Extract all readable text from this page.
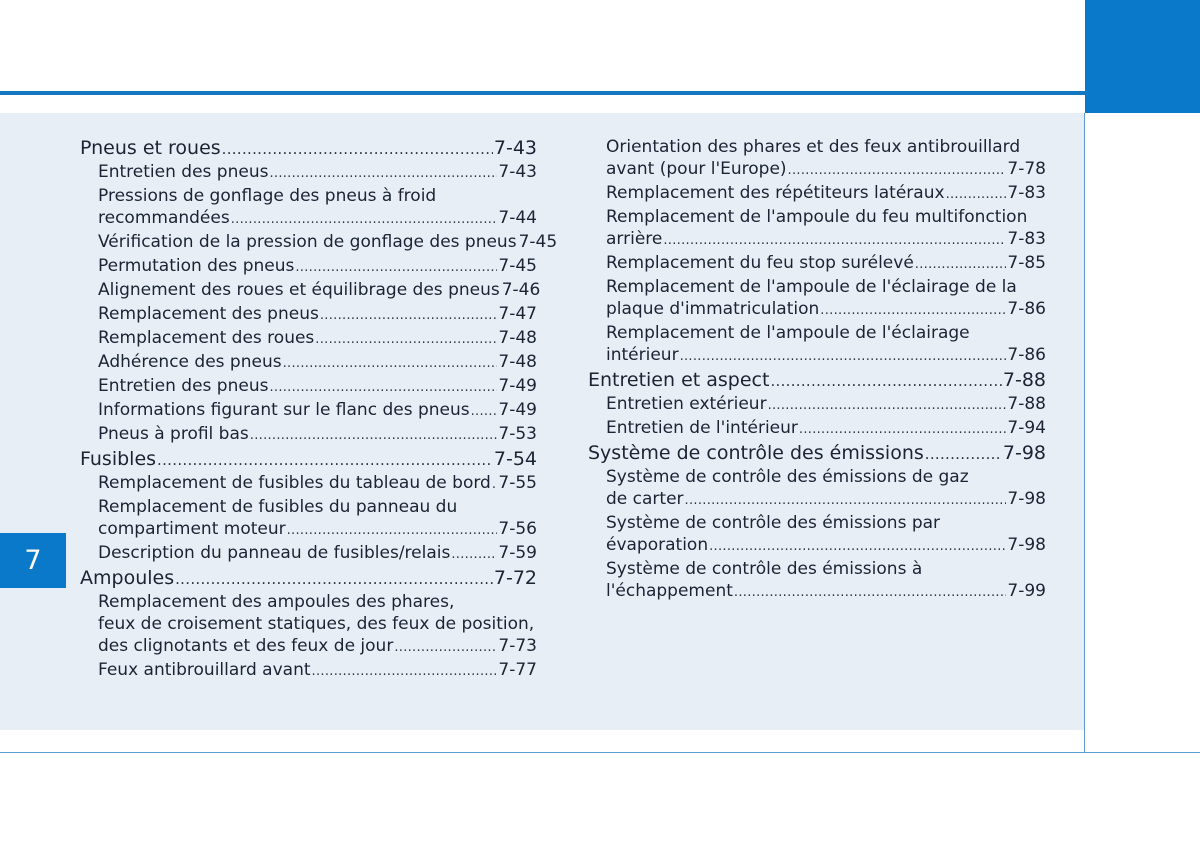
7
Pneus et roues .....	7-43
Entretien des pneus .....	7-43
Pressions de gonflage des pneus à froid
recommandées .....	7-44
Vérification de la pression de gonflage des pneus 7-45
Permutation des pneus .....	7-45
Alignement des roues et équilibrage des pneus 7-46
Remplacement des pneus .....	7-47
Remplacement des roues .....	7-48
Adhérence des pneus .....	7-48
Entretien des pneus .....	7-49
Informations figurant sur le flanc des pneus ..... 7-49
Pneus à profil bas .....	7-53
Fusibles .....	7-54
Remplacement de fusibles du tableau de bord ..... 7-55
Remplacement de fusibles du panneau du
compartiment moteur .....	7-56
Description du panneau de fusibles/relais .....	7-59
Ampoules .....	7-72
Remplacement des ampoules des phares,
feux de croisement statiques, des feux de position,
des clignotants et des feux de jour .....	7-73
Feux antibrouillard avant .....	7-77
Orientation des phares et des feux antibrouillard
avant (pour l'Europe) .....	7-78
Remplacement des répétiteurs latéraux .....	7-83
Remplacement de l'ampoule du feu multifonction
arrière .....	7-83
Remplacement du feu stop surélevé .....	7-85
Remplacement de l'ampoule de l'éclairage de la
plaque d'immatriculation .....	7-86
Remplacement de l'ampoule de l'éclairage
intérieur .....	7-86
Entretien et aspect .....	7-88
Entretien extérieur .....	7-88
Entretien de l'intérieur .....	7-94
Système de contrôle des émissions .....	7-98
Système de contrôle des émissions de gaz
de carter .....	7-98
Système de contrôle des émissions par
évaporation .....	7-98
Système de contrôle des émissions à
l'échappement .....	7-99
